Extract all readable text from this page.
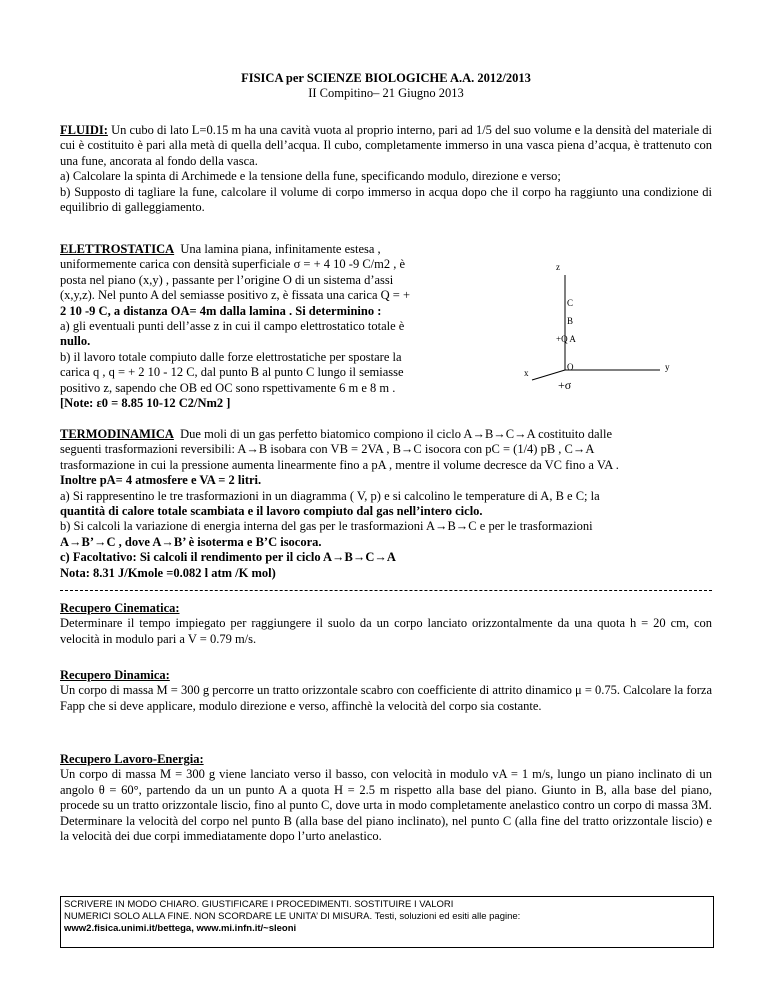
FISICA per SCIENZE BIOLOGICHE A.A. 2012/2013
II Compitino– 21 Giugno 2013

FLUIDI: Un cubo di lato L=0.15 m ha una cavità vuota al proprio interno, pari ad 1/5 del suo volume e la densità del materiale di cui è costituito è pari alla metà di quella dell’acqua. Il cubo, completamente immerso in una vasca piena d’acqua, è trattenuto con una fune, ancorata al fondo della vasca.

a) Calcolare la spinta di Archimede e la tensione della fune, specificando modulo, direzione e verso;

b) Supposto di tagliare la fune, calcolare il volume di corpo immerso in acqua dopo che il corpo ha raggiunto una condizione di equilibrio di galleggiamento.

ELETTROSTATICA Una lamina piana, infinitamente estesa ,

uniformemente carica con densità superficiale σ = + 4 10 -9 C/m2 , è

posta nel piano (x,y) , passante per l’origine O di un sistema d’assi

(x,y,z). Nel punto A del semiasse positivo z, è fissata una carica Q = +

2 10 -9 C, a distanza OA= 4m dalla lamina . Si determinino :

a) gli eventuali punti dell’asse z in cui il campo elettrostatico totale è

nullo.

b) il lavoro totale compiuto dalle forze elettrostatiche per spostare la

carica q , q = + 2 10 - 12 C, dal punto B al punto C lungo il semiasse

positivo z, sapendo che OB ed OC sono rspettivamente 6 m e 8 m .

[Note: ε0 = 8.85 10-12 C2/Nm2 ]

z
C
B
+Q A
O
x
y
+σ

TERMODINAMICA Due moli di un gas perfetto biatomico compiono il ciclo A→B→C→A costituito dalle

seguenti trasformazioni reversibili: A→B isobara con VB = 2VA , B→C isocora con pC = (1/4) pB , C→A

trasformazione in cui la pressione aumenta linearmente fino a pA , mentre il volume decresce da VC fino a VA .

Inoltre pA= 4 atmosfere e VA = 2 litri.

a) Si rappresentino le tre trasformazioni in un diagramma ( V, p) e si calcolino le temperature di A, B e C; la

quantità di calore totale scambiata e il lavoro compiuto dal gas nell’intero ciclo.

b) Si calcoli la variazione di energia interna del gas per le trasformazioni A→B→C e per le trasformazioni

A→B’→C , dove A→B’ è isoterma e B’C isocora.

c) Facoltativo: Si calcoli il rendimento per il ciclo A→B→C→A

Nota: 8.31 J/Kmole =0.082 l atm /K mol)

Recupero Cinematica:

Determinare il tempo impiegato per raggiungere il suolo da un corpo lanciato orizzontalmente da una quota h = 20 cm, con velocità in modulo pari a V = 0.79 m/s.

Recupero Dinamica:

Un corpo di massa M = 300 g percorre un tratto orizzontale scabro con coefficiente di attrito dinamico μ = 0.75. Calcolare la forza Fapp che si deve applicare, modulo direzione e verso, affinchè la velocità del corpo sia costante.

Recupero Lavoro-Energia:

Un corpo di massa M = 300 g viene lanciato verso il basso, con velocità in modulo vA = 1 m/s, lungo un piano inclinato di un angolo θ = 60°, partendo da un un punto A a quota H = 2.5 m rispetto alla base del piano. Giunto in B, alla base del piano, procede su un tratto orizzontale liscio, fino al punto C, dove urta in modo completamente anelastico contro un corpo di massa 3M.

Determinare la velocità del corpo nel punto B (alla base del piano inclinato), nel punto C (alla fine del tratto orizzontale liscio) e la velocità dei due corpi immediatamente dopo l’urto anelastico.

SCRIVERE IN MODO CHIARO. GIUSTIFICARE I PROCEDIMENTI. SOSTITUIRE I VALORI
NUMERICI SOLO ALLA FINE. NON SCORDARE LE UNITA’ DI MISURA. Testi, soluzioni ed esiti alle pagine:
www2.fisica.unimi.it/bettega, www.mi.infn.it/~sleoni
